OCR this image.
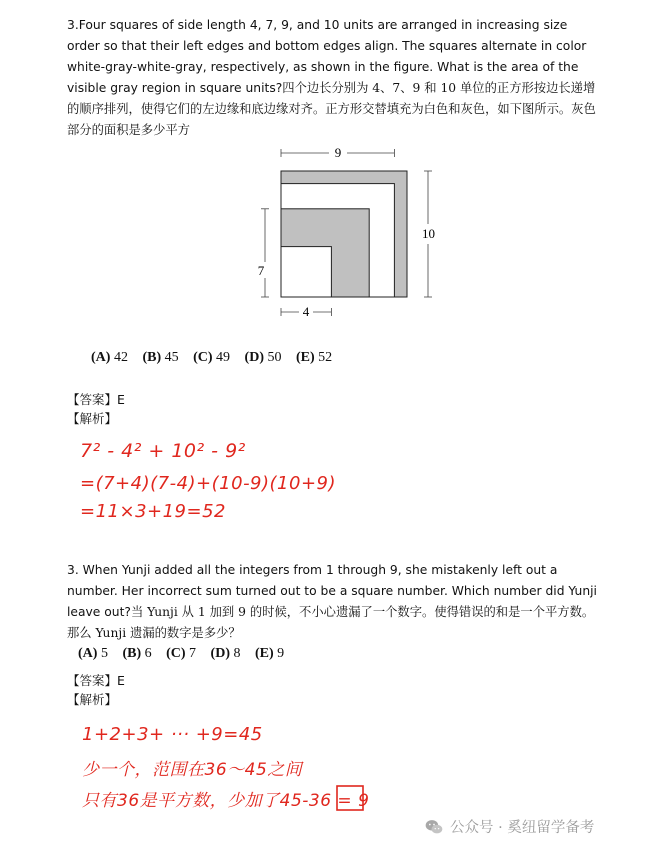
3.Four squares of side length 4, 7, 9, and 10 units are arranged in increasing size order so that their left edges and bottom edges align. The squares alternate in color white-gray-white-gray, respectively, as shown in the figure. What is the area of the visible gray region in square units?四个边长分别为 4、7、9 和 10 单位的正方形按边长递增的顺序排列，使得它们的左边缘和底边缘对齐。正方形交替填充为白色和灰色，如下图所示。灰色部分的面积是多少平方
9
10
7
4
(A) 42 (B) 45 (C) 49 (D) 50 (E) 52
【答案】E
【解析】
7² - 4² + 10² - 9²
=(7+4)(7-4)+(10-9)(10+9)
=11×3+19=52
3. When Yunji added all the integers from 1 through 9, she mistakenly left out a number. Her incorrect sum turned out to be a square number. Which number did Yunji leave out?当 Yunji 从 1 加到 9 的时候，不小心遗漏了一个数字。使得错误的和是一个平方数。那么 Yunji 遗漏的数字是多少？
(A) 5 (B) 6 (C) 7 (D) 8 (E) 9
【答案】E
【解析】
1+2+3+ ··· +9=45
少一个，范围在36～45之间
只有36是平方数，少加了45-36 = 9
公众号 · 奚纽留学备考
